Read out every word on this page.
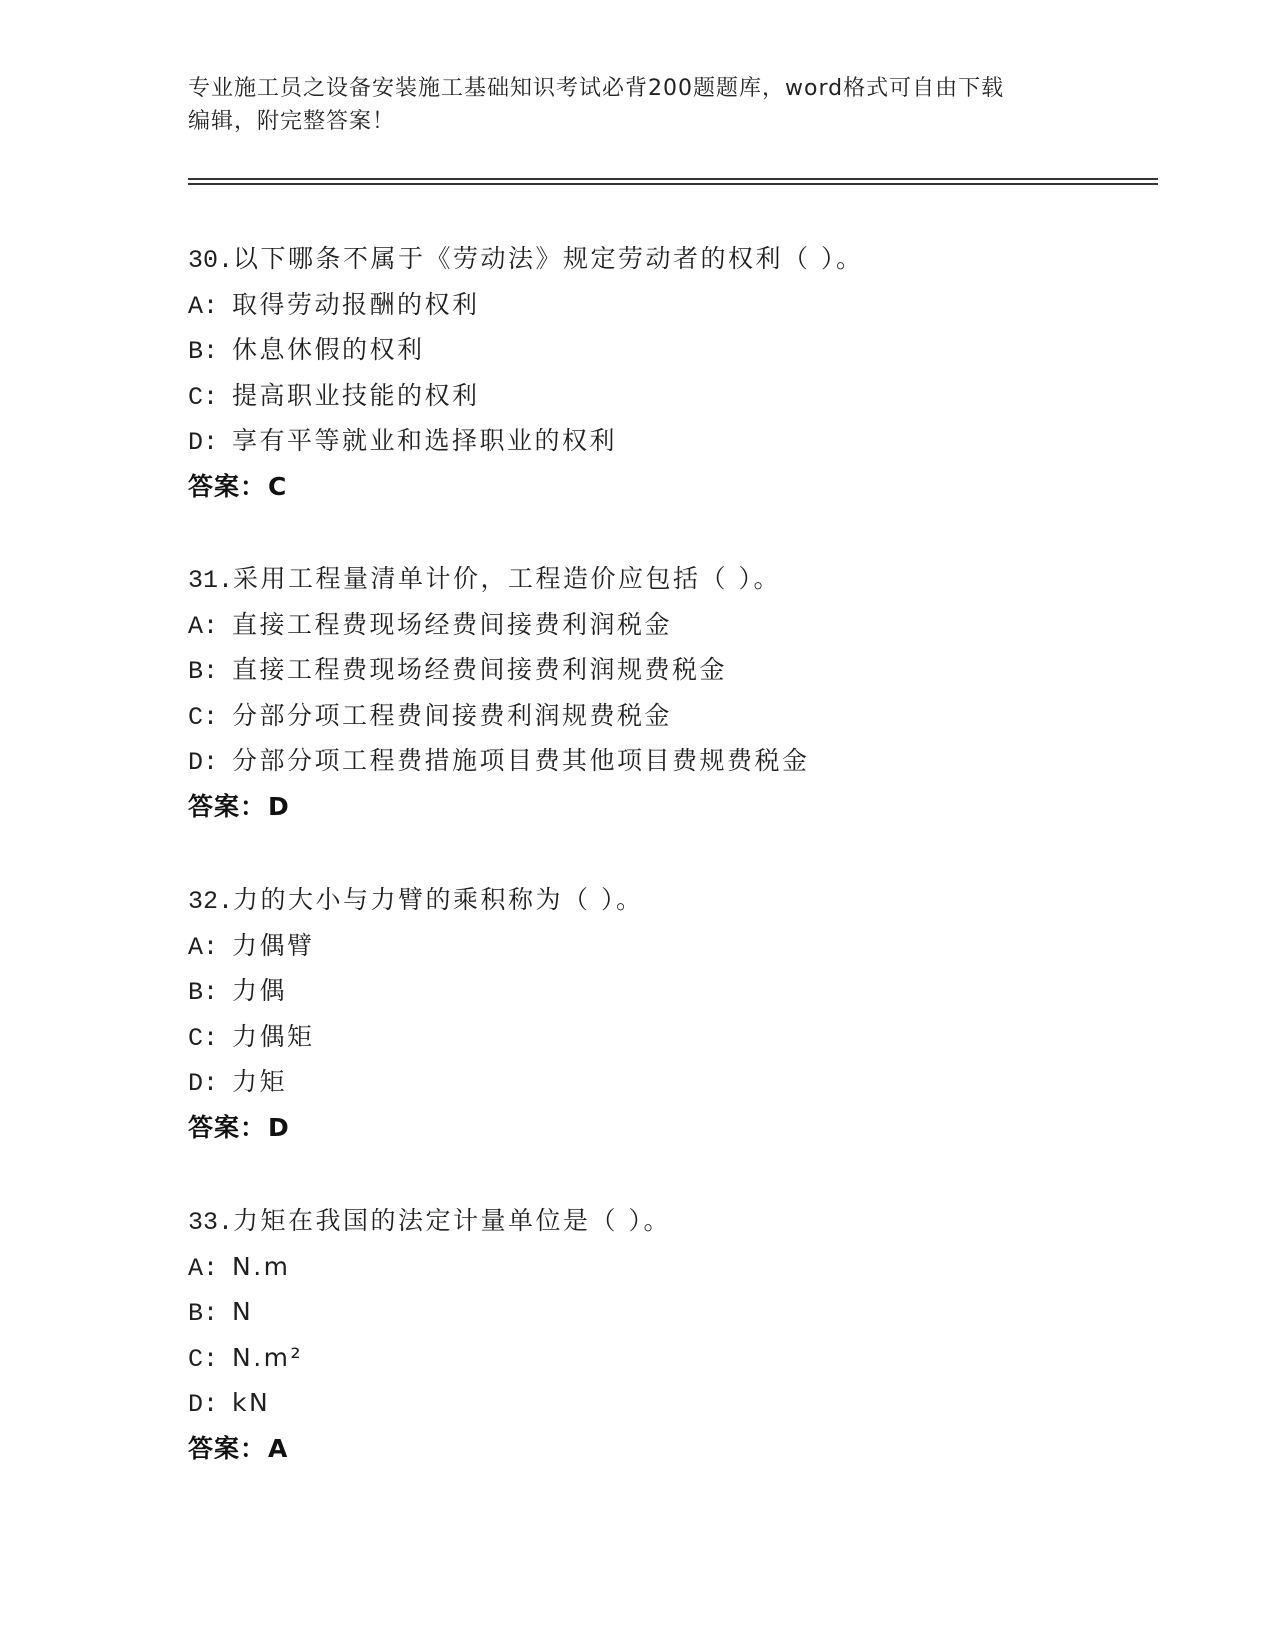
专业施工员之设备安装施工基础知识考试必背200题题库，word格式可自由下载
编辑，附完整答案！
30.以下哪条不属于《劳动法》规定劳动者的权利（ ）。
A: 取得劳动报酬的权利
B: 休息休假的权利
C: 提高职业技能的权利
D: 享有平等就业和选择职业的权利
答案：C
31.采用工程量清单计价，工程造价应包括（ ）。
A: 直接工程费现场经费间接费利润税金
B: 直接工程费现场经费间接费利润规费税金
C: 分部分项工程费间接费利润规费税金
D: 分部分项工程费措施项目费其他项目费规费税金
答案：D
32.力的大小与力臂的乘积称为（ ）。
A: 力偶臂
B: 力偶
C: 力偶矩
D: 力矩
答案：D
33.力矩在我国的法定计量单位是（ ）。
A: N.m
B: N
C: N.m²
D: kN
答案：A
